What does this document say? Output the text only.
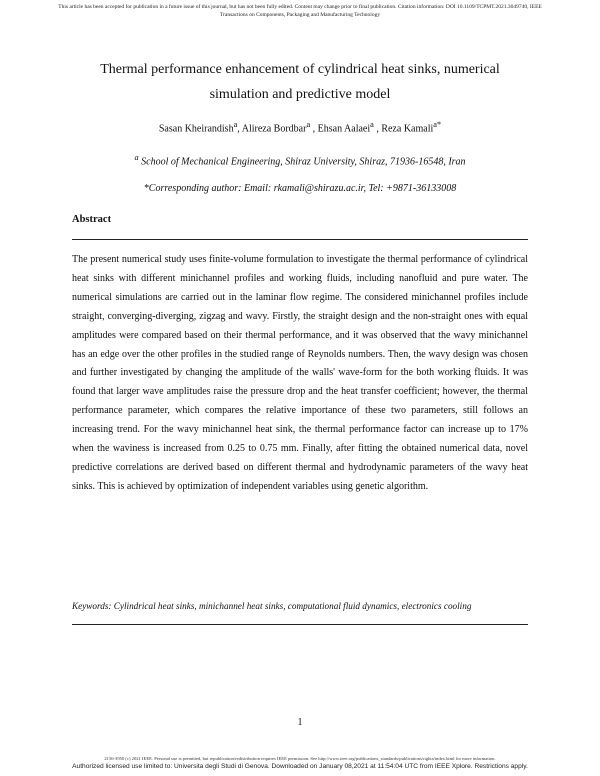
This article has been accepted for publication in a future issue of this journal, but has not been fully edited. Content may change prior to final publication. Citation information: DOI 10.1109/TCPMT.2021.3049740, IEEE
Transactions on Components, Packaging and Manufacturing Technology
Thermal performance enhancement of cylindrical heat sinks, numerical
simulation and predictive model
Sasan Kheirandish$^a$, Alireza Bordbar$^a$ , Ehsan Aalaei$^a$ , Reza Kamali$^{a*}$
$^a$ School of Mechanical Engineering, Shiraz University, Shiraz, 71936-16548, Iran
*Corresponding author: Email: rkamali@shirazu.ac.ir, Tel: +9871-36133008
Abstract
The present numerical study uses finite-volume formulation to investigate the thermal performance of cylindrical heat sinks with different minichannel profiles and working fluids, including nanofluid and pure water. The numerical simulations are carried out in the laminar flow regime. The considered minichannel profiles include straight, converging-diverging, zigzag and wavy. Firstly, the straight design and the non-straight ones with equal amplitudes were compared based on their thermal performance, and it was observed that the wavy minichannel has an edge over the other profiles in the studied range of Reynolds numbers. Then, the wavy design was chosen and further investigated by changing the amplitude of the walls' wave-form for the both working fluids. It was found that larger wave amplitudes raise the pressure drop and the heat transfer coefficient; however, the thermal performance parameter, which compares the relative importance of these two parameters, still follows an increasing trend. For the wavy minichannel heat sink, the thermal performance factor can increase up to 17% when the waviness is increased from 0.25 to 0.75 mm. Finally, after fitting the obtained numerical data, novel predictive correlations are derived based on different thermal and hydrodynamic parameters of the wavy heat sinks. This is achieved by optimization of independent variables using genetic algorithm.
Keywords: Cylindrical heat sinks, minichannel heat sinks, computational fluid dynamics, electronics cooling
1
2156-3950 (c) 2021 IEEE. Personal use is permitted, but republication/redistribution requires IEEE permission. See http://www.ieee.org/publications_standards/publications/rights/index.html for more information.
Authorized licensed use limited to: Universita degli Studi di Genova. Downloaded on January 08,2021 at 11:54:04 UTC from IEEE Xplore. Restrictions apply.
